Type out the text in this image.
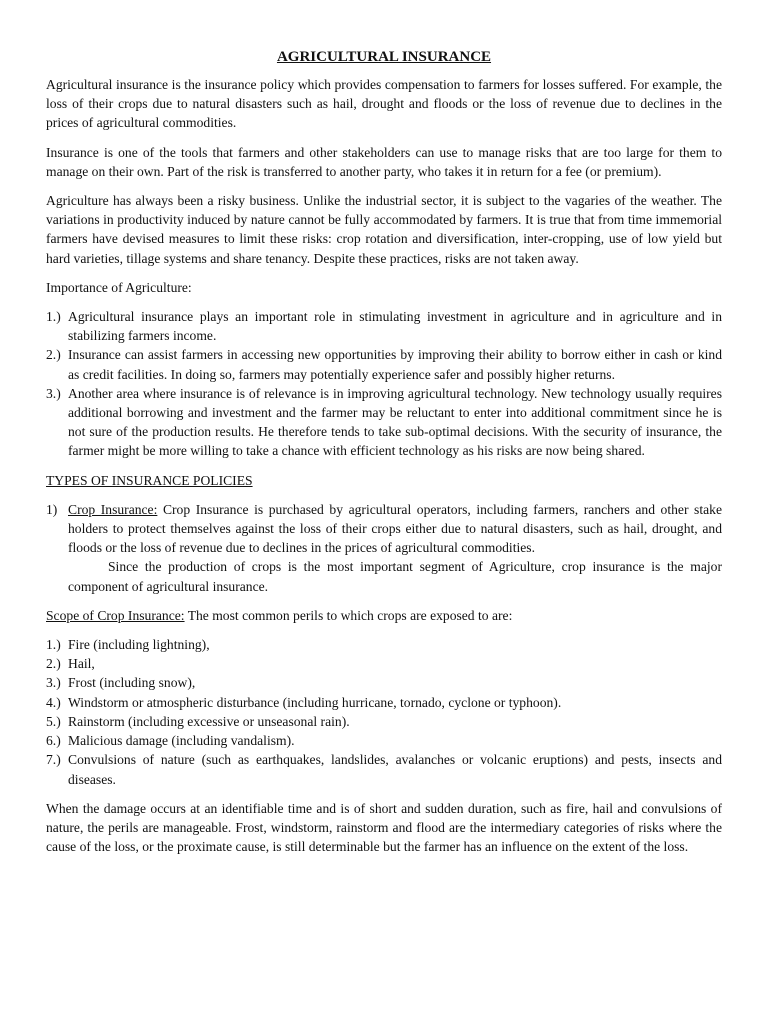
AGRICULTURAL INSURANCE

Agricultural insurance is the insurance policy which provides compensation to farmers for losses suffered. For example, the loss of their crops due to natural disasters such as hail, drought and floods or the loss of revenue due to declines in the prices of agricultural commodities.

Insurance is one of the tools that farmers and other stakeholders can use to manage risks that are too large for them to manage on their own. Part of the risk is transferred to another party, who takes it in return for a fee (or premium).

Agriculture has always been a risky business. Unlike the industrial sector, it is subject to the vagaries of the weather. The variations in productivity induced by nature cannot be fully accommodated by farmers. It is true that from time immemorial farmers have devised measures to limit these risks: crop rotation and diversification, inter-cropping, use of low yield but hard varieties, tillage systems and share tenancy. Despite these practices, risks are not taken away.

Importance of Agriculture:
1.) Agricultural insurance plays an important role in stimulating investment in agriculture and in agriculture and in stabilizing farmers income.
2.) Insurance can assist farmers in accessing new opportunities by improving their ability to borrow either in cash or kind as credit facilities. In doing so, farmers may potentially experience safer and possibly higher returns.
3.) Another area where insurance is of relevance is in improving agricultural technology. New technology usually requires additional borrowing and investment and the farmer may be reluctant to enter into additional commitment since he is not sure of the production results. He therefore tends to take sub-optimal decisions. With the security of insurance, the farmer might be more willing to take a chance with efficient technology as his risks are now being shared.
TYPES OF INSURANCE POLICIES
1) Crop Insurance: Crop Insurance is purchased by agricultural operators, including farmers, ranchers and other stake holders to protect themselves against the loss of their crops either due to natural disasters, such as hail, drought, and floods or the loss of revenue due to declines in the prices of agricultural commodities.
Since the production of crops is the most important segment of Agriculture, crop insurance is the major component of agricultural insurance.

Scope of Crop Insurance: The most common perils to which crops are exposed to are:

1.) Fire (including lightning),
2.) Hail,
3.) Frost (including snow),
4.) Windstorm or atmospheric disturbance (including hurricane, tornado, cyclone or typhoon).
5.) Rainstorm (including excessive or unseasonal rain).
6.) Malicious damage (including vandalism).
7.) Convulsions of nature (such as earthquakes, landslides, avalanches or volcanic eruptions) and pests, insects and diseases.

When the damage occurs at an identifiable time and is of short and sudden duration, such as fire, hail and convulsions of nature, the perils are manageable. Frost, windstorm, rainstorm and flood are the intermediary categories of risks where the cause of the loss, or the proximate cause, is still determinable but the farmer has an influence on the extent of the loss.
